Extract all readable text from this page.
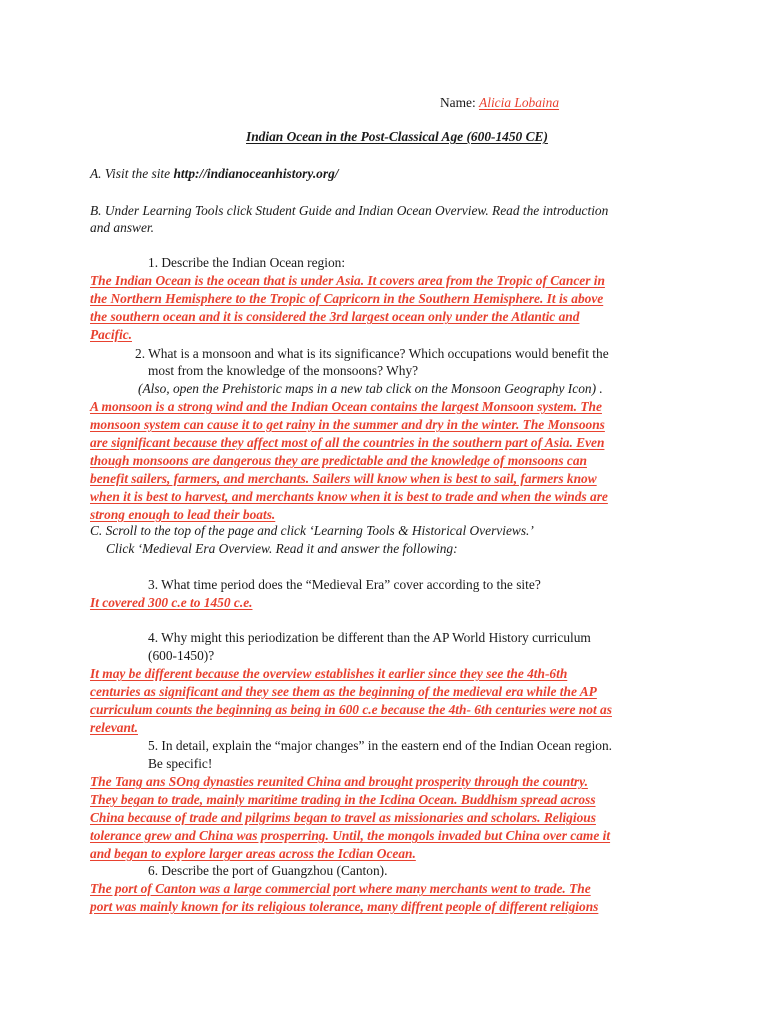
Name: Alicia Lobaina
Indian Ocean in the Post-Classical Age (600-1450 CE)
A. Visit the site http://indianoceanhistory.org/
B. Under Learning Tools click Student Guide and Indian Ocean Overview. Read the introduction
and answer.
1. Describe the Indian Ocean region:
The Indian Ocean is the ocean that is under Asia. It covers area from the Tropic of Cancer in
the Northern Hemisphere to the Tropic of Capricorn in the Southern Hemisphere. It is above
the southern ocean and it is considered the 3rd largest ocean only under the Atlantic and
Pacific.
2. What is a monsoon and what is its significance? Which occupations would benefit the
most from the knowledge of the monsoons? Why?
(Also, open the Prehistoric maps in a new tab click on the Monsoon Geography Icon) .
A monsoon is a strong wind and the Indian Ocean contains the largest Monsoon system. The
monsoon system can cause it to get rainy in the summer and dry in the winter. The Monsoons
are significant because they affect most of all the countries in the southern part of Asia. Even
though monsoons are dangerous they are predictable and the knowledge of monsoons can
benefit sailers, farmers, and merchants. Sailers will know when is best to sail, farmers know
when it is best to harvest, and merchants know when it is best to trade and when the winds are
strong enough to lead their boats.
C. Scroll to the top of the page and click ‘Learning Tools & Historical Overviews.’
Click ‘Medieval Era Overview. Read it and answer the following:
3. What time period does the “Medieval Era” cover according to the site?
It covered 300 c.e to 1450 c.e.
4. Why might this periodization be different than the AP World History curriculum
(600-1450)?
It may be different because the overview establishes it earlier since they see the 4th-6th
centuries as significant and they see them as the beginning of the medieval era while the AP
curriculum counts the beginning as being in 600 c.e because the 4th- 6th centuries were not as
relevant.
5. In detail, explain the “major changes” in the eastern end of the Indian Ocean region.
Be specific!
The Tang ans SOng dynasties reunited China and brought prosperity through the country.
They began to trade, mainly maritime trading in the Icdina Ocean. Buddhism spread across
China because of trade and pilgrims began to travel as missionaries and scholars. Religious
tolerance grew and China was prosperring. Until, the mongols invaded but China over came it
and began to explore larger areas across the Icdian Ocean.
6. Describe the port of Guangzhou (Canton).
The port of Canton was a large commercial port where many merchants went to trade. The
port was mainly known for its religious tolerance, many diffrent people of different religions
